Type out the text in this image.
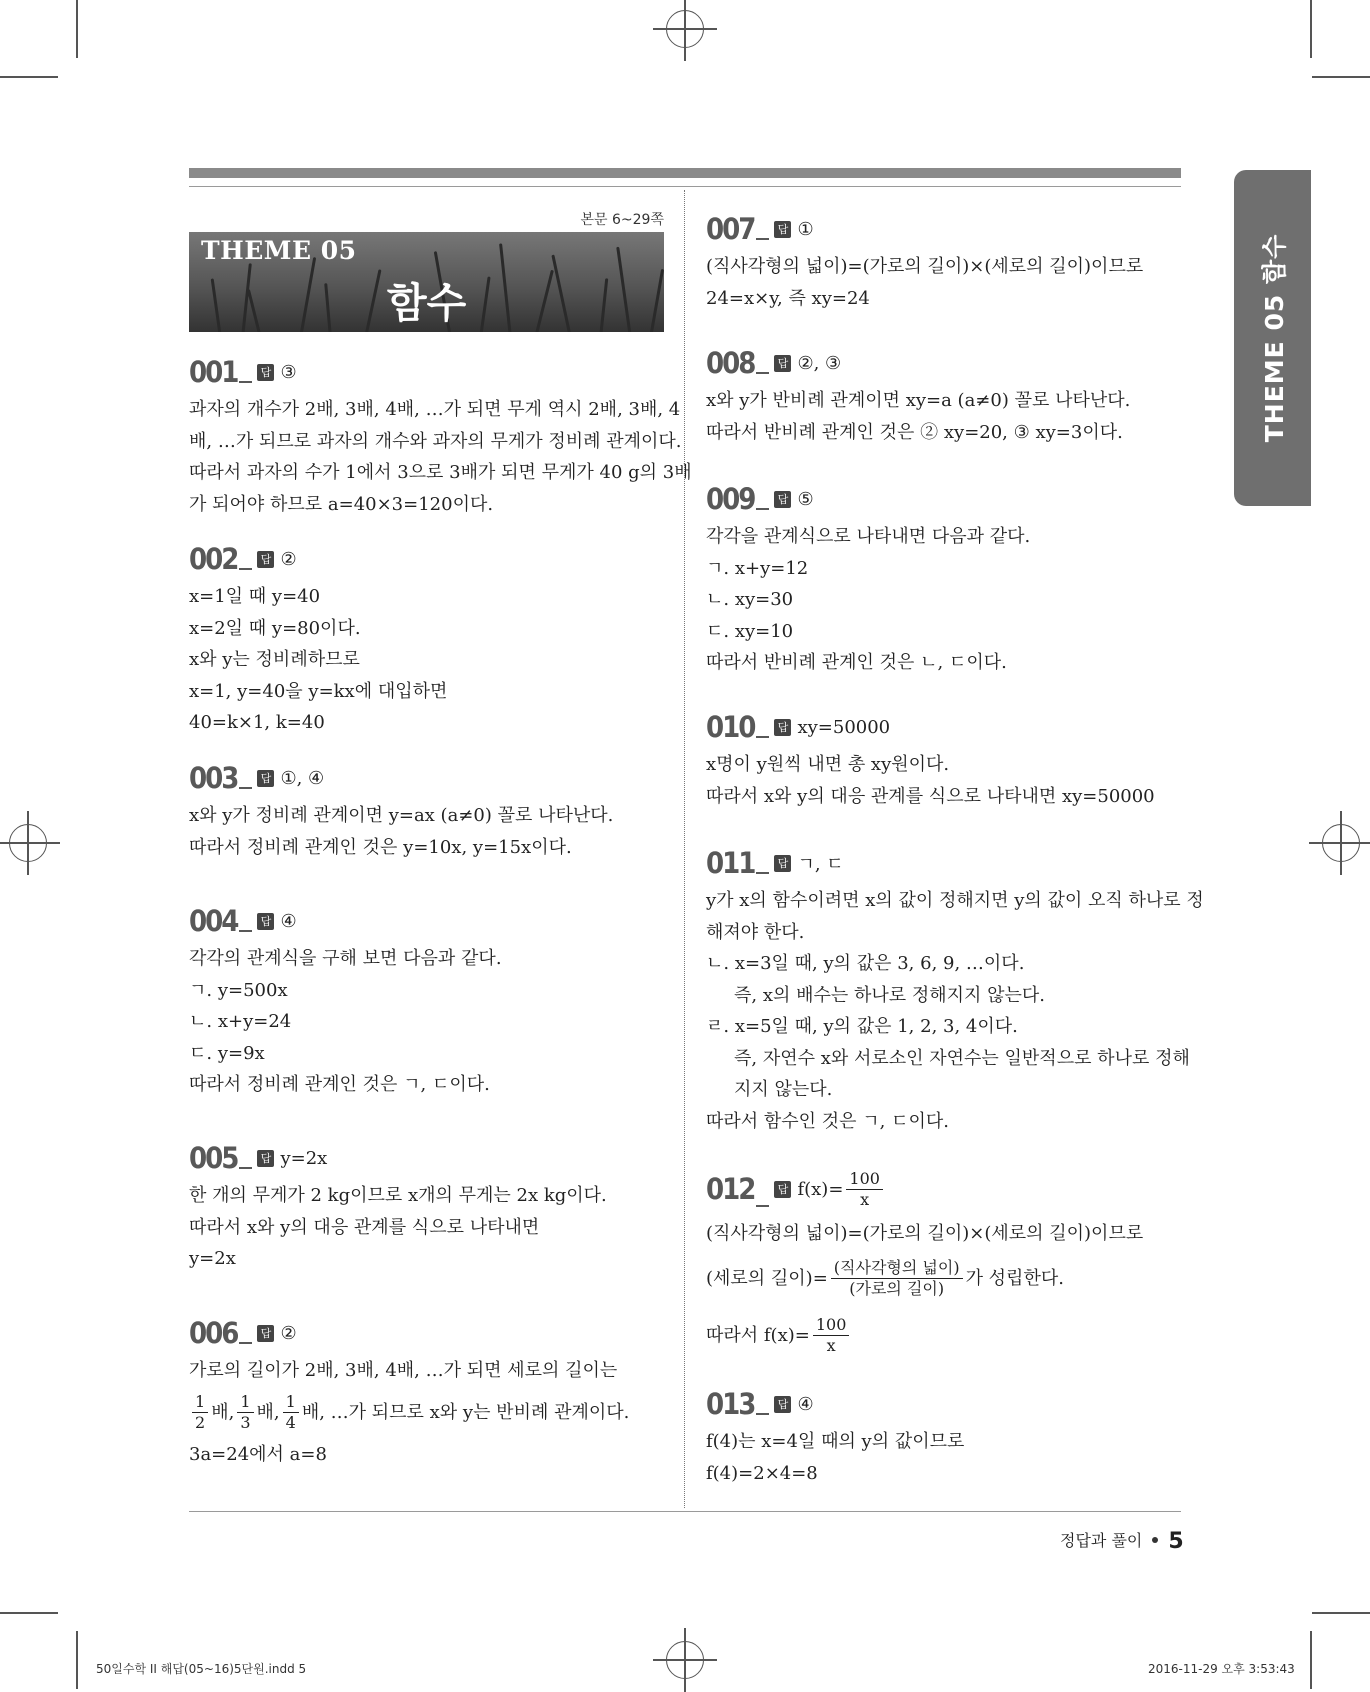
THEME 05 함수
본문 6~29쪽
THEME 05
함수
001 답 ③
과자의 개수가 2배, 3배, 4배, …가 되면 무게 역시 2배, 3배, 4
배, …가 되므로 과자의 개수와 과자의 무게가 정비례 관계이다.
따라서 과자의 수가 1에서 3으로 3배가 되면 무게가 40 g의 3배
가 되어야 하므로 a=40×3=120이다.
002 답 ②
x=1일 때 y=40
x=2일 때 y=80이다.
x와 y는 정비례하므로
x=1, y=40을 y=kx에 대입하면
40=k×1, k=40
003 답 ①, ④
x와 y가 정비례 관계이면 y=ax (a≠0) 꼴로 나타난다.
따라서 정비례 관계인 것은 y=10x, y=15x이다.
004 답 ④
각각의 관계식을 구해 보면 다음과 같다.
ㄱ. y=500x
ㄴ. x+y=24
ㄷ. y=9x
따라서 정비례 관계인 것은 ㄱ, ㄷ이다.
005 답 y=2x
한 개의 무게가 2 kg이므로 x개의 무게는 2x kg이다.
따라서 x와 y의 대응 관계를 식으로 나타내면
y=2x
006 답 ②
가로의 길이가 2배, 3배, 4배, …가 되면 세로의 길이는
$\frac{1}{2}$ 배, $\frac{1}{3}$ 배, $\frac{1}{4}$ 배, …가 되므로 x와 y는 반비례 관계이다.
3a=24에서 a=8
007 답 ①
(직사각형의 넓이)=(가로의 길이)×(세로의 길이)이므로
24=x×y, 즉 xy=24
008 답 ②, ③
x와 y가 반비례 관계이면 xy=a (a≠0) 꼴로 나타난다.
따라서 반비례 관계인 것은 ② xy=20, ③ xy=3이다.
009 답 ⑤
각각을 관계식으로 나타내면 다음과 같다.
ㄱ. x+y=12
ㄴ. xy=30
ㄷ. xy=10
따라서 반비례 관계인 것은 ㄴ, ㄷ이다.
010 답 xy=50000
x명이 y원씩 내면 총 xy원이다.
따라서 x와 y의 대응 관계를 식으로 나타내면 xy=50000
011 답 ㄱ, ㄷ
y가 x의 함수이려면 x의 값이 정해지면 y의 값이 오직 하나로 정
해져야 한다.
ㄴ. x=3일 때, y의 값은 3, 6, 9, …이다.
즉, x의 배수는 하나로 정해지지 않는다.
ㄹ. x=5일 때, y의 값은 1, 2, 3, 4이다.
즉, 자연수 x와 서로소인 자연수는 일반적으로 하나로 정해
지지 않는다.
따라서 함수인 것은 ㄱ, ㄷ이다.
012 답 $f(x)= \frac{100}{x}$
(직사각형의 넓이)=(가로의 길이)×(세로의 길이)이므로
(세로의 길이)= $\frac{\text{(직사각형의 넓이)}}{\text{(가로의 길이)}}$ 가 성립한다.
따라서 $f(x)= \frac{100}{x}$
013 답 ④
f(4)는 x=4일 때의 y의 값이므로
f(4)=2×4=8
정답과 풀이 5
50일수학 II 해답(05~16)5단원.indd 5	2016-11-29 오후 3:53:43
